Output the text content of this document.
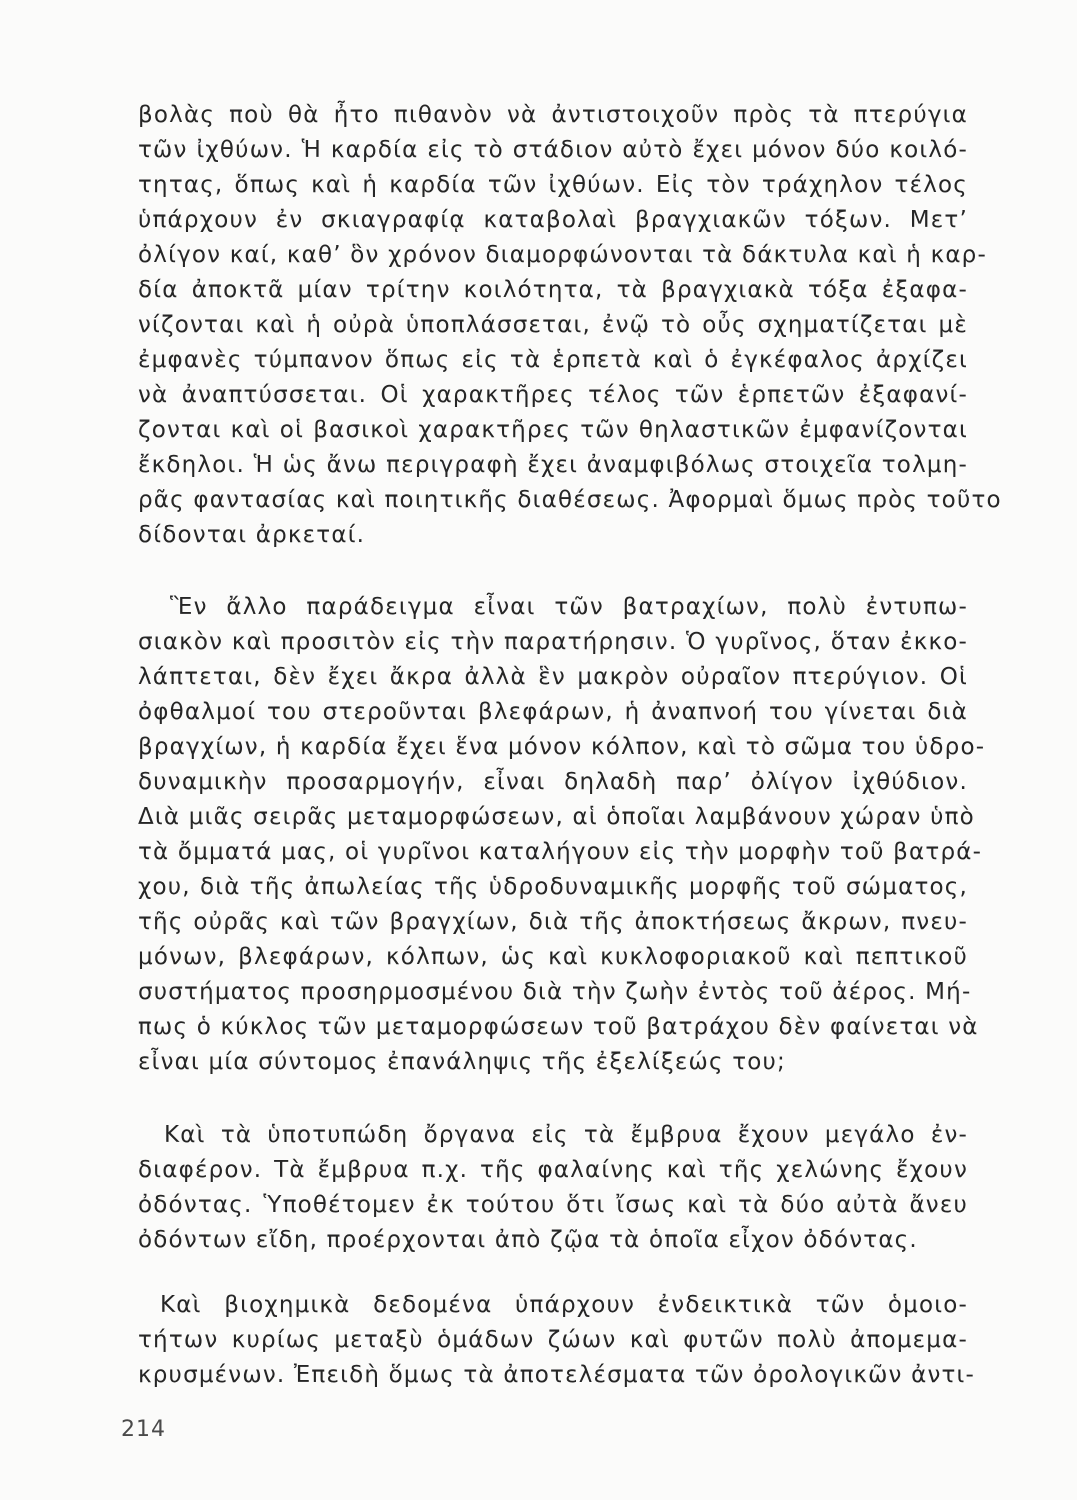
βολὰς ποὺ θὰ ἦτο πιθανὸν νὰ ἀντιστοιχοῦν πρὸς τὰ πτερύγια

τῶν ἰχθύων. Ἡ καρδία εἰς τὸ στάδιον αὐτὸ ἔχει μόνον δύο κοιλό-

τητας, ὅπως καὶ ἡ καρδία τῶν ἰχθύων. Εἰς τὸν τράχηλον τέλος

ὑπάρχουν ἐν σκιαγραφίᾳ καταβολαὶ βραγχιακῶν τόξων. Μετ’

ὀλίγον καί, καθ’ ὃν χρόνον διαμορφώνονται τὰ δάκτυλα καὶ ἡ καρ-

δία ἀποκτᾶ μίαν τρίτην κοιλότητα, τὰ βραγχιακὰ τόξα ἐξαφα-

νίζονται καὶ ἡ οὐρὰ ὑποπλάσσεται, ἐνῷ τὸ οὖς σχηματίζεται μὲ

ἐμφανὲς τύμπανον ὅπως εἰς τὰ ἑρπετὰ καὶ ὁ ἐγκέφαλος ἀρχίζει

νὰ ἀναπτύσσεται. Οἱ χαρακτῆρες τέλος τῶν ἑρπετῶν ἐξαφανί-

ζονται καὶ οἱ βασικοὶ χαρακτῆρες τῶν θηλαστικῶν ἐμφανίζονται

ἔκδηλοι. Ἡ ὡς ἄνω περιγραφὴ ἔχει ἀναμφιβόλως στοιχεῖα τολμη-

ρᾶς φαντασίας καὶ ποιητικῆς διαθέσεως. Ἀφορμαὶ ὅμως πρὸς τοῦτο

δίδονται ἀρκεταί.

Ἓν ἄλλο παράδειγμα εἶναι τῶν βατραχίων, πολὺ ἐντυπω-

σιακὸν καὶ προσιτὸν εἰς τὴν παρατήρησιν. Ὁ γυρῖνος, ὅταν ἐκκο-

λάπτεται, δὲν ἔχει ἄκρα ἀλλὰ ἓν μακρὸν οὐραῖον πτερύγιον. Οἱ

ὀφθαλμοί του στεροῦνται βλεφάρων, ἡ ἀναπνοή του γίνεται διὰ

βραγχίων, ἡ καρδία ἔχει ἕνα μόνον κόλπον, καὶ τὸ σῶμα του ὑδρο-

δυναμικὴν προσαρμογήν, εἶναι δηλαδὴ παρ’ ὀλίγον ἰχθύδιον.

Διὰ μιᾶς σειρᾶς μεταμορφώσεων, αἱ ὁποῖαι λαμβάνουν χώραν ὑπὸ

τὰ ὄμματά μας, οἱ γυρῖνοι καταλήγουν εἰς τὴν μορφὴν τοῦ βατρά-

χου, διὰ τῆς ἀπωλείας τῆς ὑδροδυναμικῆς μορφῆς τοῦ σώματος,

τῆς οὐρᾶς καὶ τῶν βραγχίων, διὰ τῆς ἀποκτήσεως ἄκρων, πνευ-

μόνων, βλεφάρων, κόλπων, ὡς καὶ κυκλοφοριακοῦ καὶ πεπτικοῦ

συστήματος προσηρμοσμένου διὰ τὴν ζωὴν ἐντὸς τοῦ ἀέρος. Μή-

πως ὁ κύκλος τῶν μεταμορφώσεων τοῦ βατράχου δὲν φαίνεται νὰ

εἶναι μία σύντομος ἐπανάληψις τῆς ἐξελίξεώς του;

Καὶ τὰ ὑποτυπώδη ὄργανα εἰς τὰ ἔμβρυα ἔχουν μεγάλο ἐν-

διαφέρον. Τὰ ἔμβρυα π.χ. τῆς φαλαίνης καὶ τῆς χελώνης ἔχουν

ὀδόντας. Ὑποθέτομεν ἐκ τούτου ὅτι ἴσως καὶ τὰ δύο αὐτὰ ἄνευ

ὀδόντων εἴδη, προέρχονται ἀπὸ ζῷα τὰ ὁποῖα εἶχον ὀδόντας.

Καὶ βιοχημικὰ δεδομένα ὑπάρχουν ἐνδεικτικὰ τῶν ὁμοιο-

τήτων κυρίως μεταξὺ ὁμάδων ζώων καὶ φυτῶν πολὺ ἀπομεμα-

κρυσμένων. Ἐπειδὴ ὅμως τὰ ἀποτελέσματα τῶν ὀρολογικῶν ἀντι-

214
